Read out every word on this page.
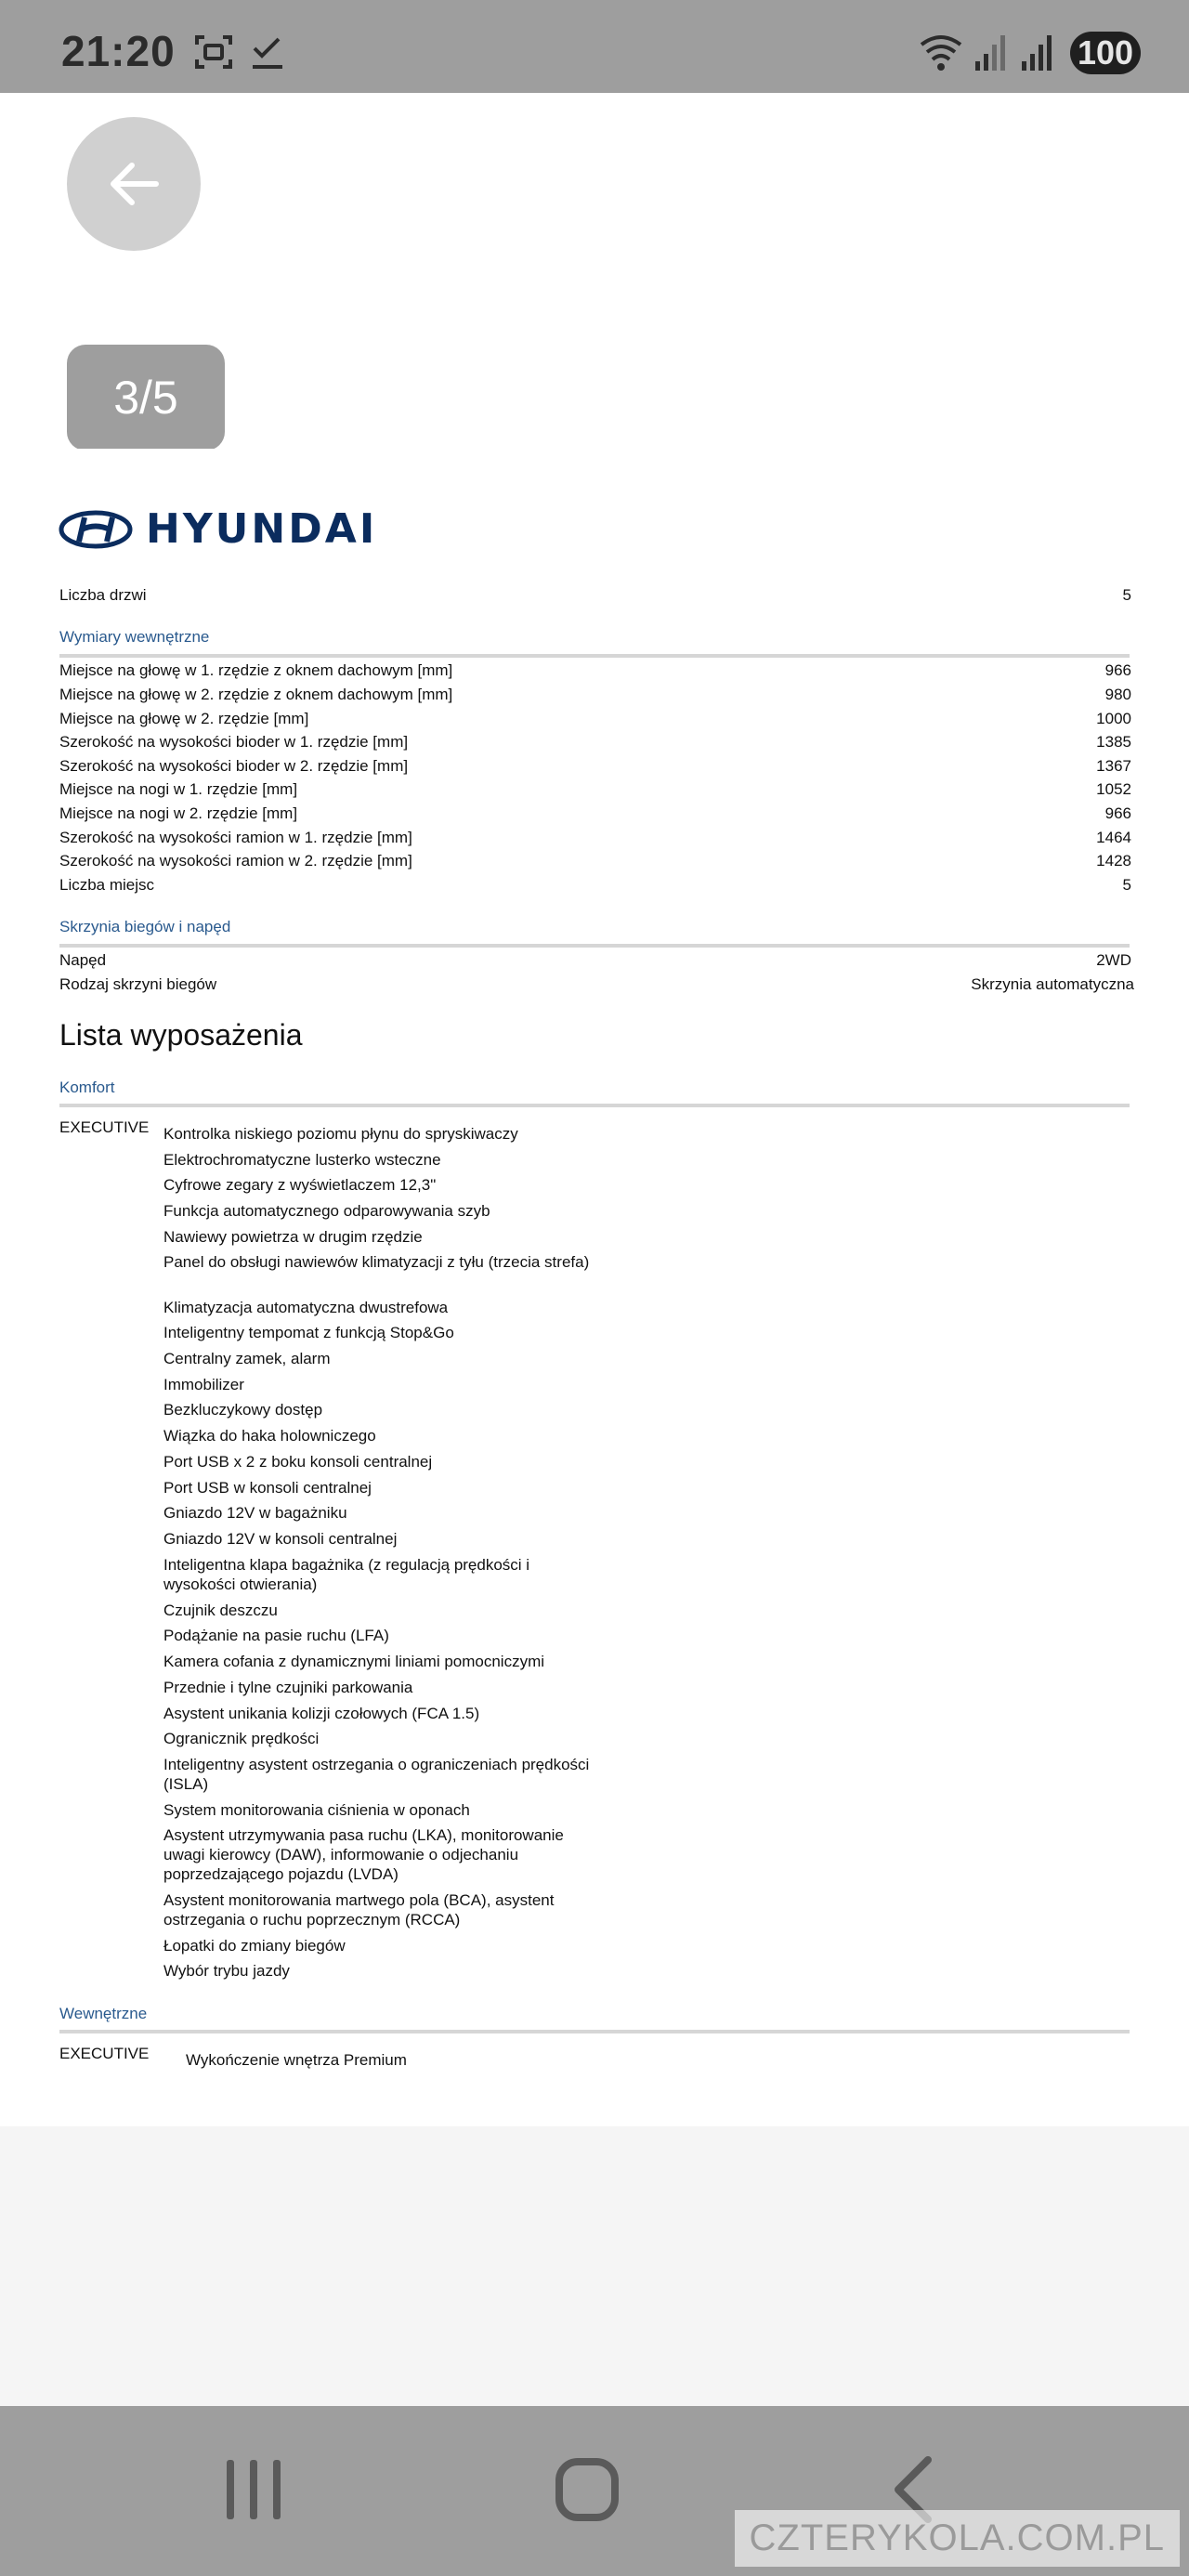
21:20	100
3/5
HYUNDAI
Liczba drzwi	5
Wymiary wewnętrzne
Miejsce na głowę w 1. rzędzie z oknem dachowym [mm]	966
Miejsce na głowę w 2. rzędzie z oknem dachowym [mm]	980
Miejsce na głowę w 2. rzędzie [mm]	1000
Szerokość na wysokości bioder w 1. rzędzie [mm]	1385
Szerokość na wysokości bioder w 2. rzędzie [mm]	1367
Miejsce na nogi w 1. rzędzie [mm]	1052
Miejsce na nogi w 2. rzędzie [mm]	966
Szerokość na wysokości ramion w 1. rzędzie [mm]	1464
Szerokość na wysokości ramion w 2. rzędzie [mm]	1428
Liczba miejsc	5
Skrzynia biegów i napęd
Napęd	2WD
Rodzaj skrzyni biegów	Skrzynia automatyczna
Lista wyposażenia
Komfort
EXECUTIVE Kontrolka niskiego poziomu płynu do spryskiwaczy
Elektrochromatyczne lusterko wsteczne
Cyfrowe zegary z wyświetlaczem 12,3"
Funkcja automatycznego odparowywania szyb
Nawiewy powietrza w drugim rzędzie
Panel do obsługi nawiewów klimatyzacji z tyłu (trzecia strefa)
Klimatyzacja automatyczna dwustrefowa
Inteligentny tempomat z funkcją Stop&Go
Centralny zamek, alarm
Immobilizer
Bezkluczykowy dostęp
Wiązka do haka holowniczego
Port USB x 2 z boku konsoli centralnej
Port USB w konsoli centralnej
Gniazdo 12V w bagażniku
Gniazdo 12V w konsoli centralnej
Inteligentna klapa bagażnika (z regulacją prędkości i wysokości otwierania)
Czujnik deszczu
Podążanie na pasie ruchu (LFA)
Kamera cofania z dynamicznymi liniami pomocniczymi
Przednie i tylne czujniki parkowania
Asystent unikania kolizji czołowych (FCA 1.5)
Ogranicznik prędkości
Inteligentny asystent ostrzegania o ograniczeniach prędkości (ISLA)
System monitorowania ciśnienia w oponach
Asystent utrzymywania pasa ruchu (LKA), monitorowanie uwagi kierowcy (DAW), informowanie o odjechaniu poprzedzającego pojazdu (LVDA)
Asystent monitorowania martwego pola (BCA), asystent ostrzegania o ruchu poprzecznym (RCCA)
Łopatki do zmiany biegów
Wybór trybu jazdy
Wewnętrzne
EXECUTIVE Wykończenie wnętrza Premium
CZTERYKOLA.COM.PL
